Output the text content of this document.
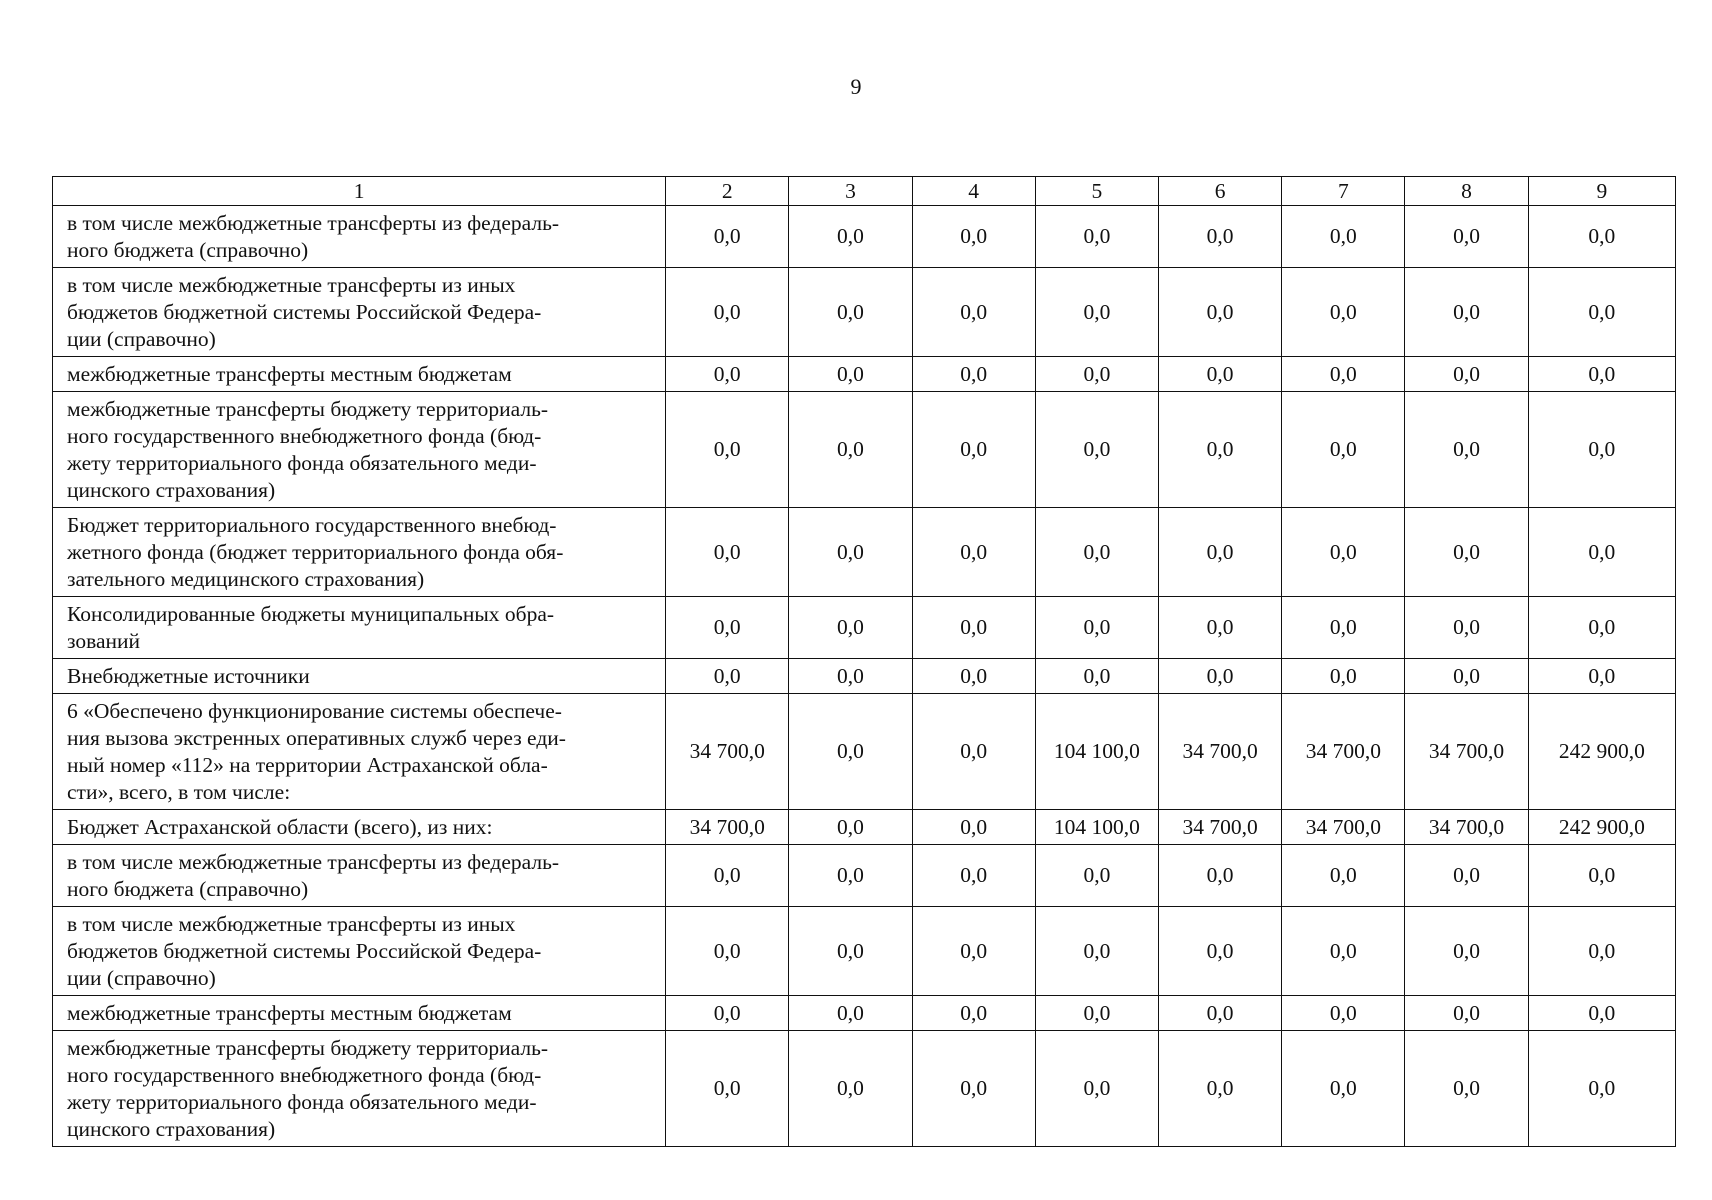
9
1	2	3	4	5	6	7	8	9

в том числе межбюджетные трансферты из федераль-
ного бюджета (справочно)	0,0	0,0	0,0	0,0	0,0	0,0	0,0	0,0

в том числе межбюджетные трансферты из иных
бюджетов бюджетной системы Российской Федера-
ции (справочно)	0,0	0,0	0,0	0,0	0,0	0,0	0,0	0,0

межбюджетные трансферты местным бюджетам	0,0	0,0	0,0	0,0	0,0	0,0	0,0	0,0

межбюджетные трансферты бюджету территориаль-
ного государственного внебюджетного фонда (бюд-
жету территориального фонда обязательного меди-
цинского страхования)	0,0	0,0	0,0	0,0	0,0	0,0	0,0	0,0

Бюджет территориального государственного внебюд-
жетного фонда (бюджет территориального фонда обя-
зательного медицинского страхования)	0,0	0,0	0,0	0,0	0,0	0,0	0,0	0,0

Консолидированные бюджеты муниципальных обра-
зований	0,0	0,0	0,0	0,0	0,0	0,0	0,0	0,0

Внебюджетные источники	0,0	0,0	0,0	0,0	0,0	0,0	0,0	0,0

6 «Обеспечено функционирование системы обеспече-
ния вызова экстренных оперативных служб через еди-
ный номер «112» на территории Астраханской обла-
сти», всего, в том числе:	34 700,0	0,0	0,0	104 100,0	34 700,0	34 700,0	34 700,0	242 900,0

Бюджет Астраханской области (всего), из них:	34 700,0	0,0	0,0	104 100,0	34 700,0	34 700,0	34 700,0	242 900,0

в том числе межбюджетные трансферты из федераль-
ного бюджета (справочно)	0,0	0,0	0,0	0,0	0,0	0,0	0,0	0,0

в том числе межбюджетные трансферты из иных
бюджетов бюджетной системы Российской Федера-
ции (справочно)	0,0	0,0	0,0	0,0	0,0	0,0	0,0	0,0

межбюджетные трансферты местным бюджетам	0,0	0,0	0,0	0,0	0,0	0,0	0,0	0,0

межбюджетные трансферты бюджету территориаль-
ного государственного внебюджетного фонда (бюд-
жету территориального фонда обязательного меди-
цинского страхования)	0,0	0,0	0,0	0,0	0,0	0,0	0,0	0,0
